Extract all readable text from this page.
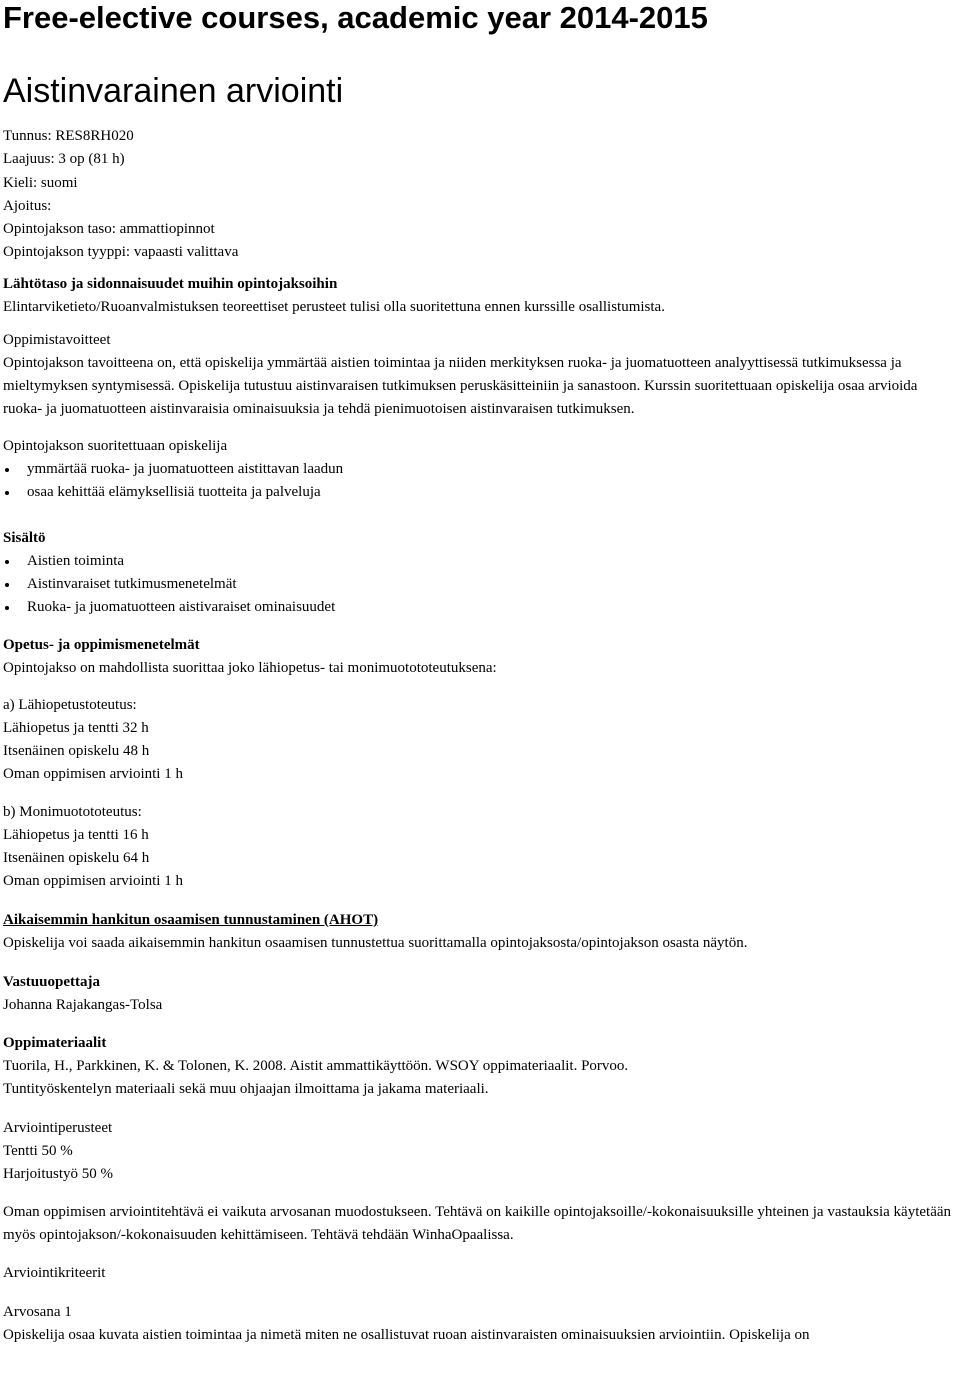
Free-elective courses, academic year 2014-2015
Aistinvarainen arviointi
Tunnus: RES8RH020
Laajuus: 3 op (81 h)
Kieli: suomi
Ajoitus:
Opintojakson taso: ammattiopinnot
Opintojakson tyyppi: vapaasti valittava

Lähtötaso ja sidonnaisuudet muihin opintojaksoihin

Elintarviketieto/Ruoanvalmistuksen teoreettiset perusteet tulisi olla suoritettuna ennen kurssille osallistumista.

Oppimistavoitteet

Opintojakson tavoitteena on, että opiskelija ymmärtää aistien toimintaa ja niiden merkityksen ruoka- ja juomatuotteen analyyttisessä tutkimuksessa ja mieltymyksen syntymisessä. Opiskelija tutustuu aistinvaraisen tutkimuksen peruskäsitteiniin ja sanastoon. Kurssin suoritettuaan opiskelija osaa arvioida ruoka- ja juomatuotteen aistinvaraisia ominaisuuksia ja tehdä pienimuotoisen aistinvaraisen tutkimuksen.

Opintojakson suoritettuaan opiskelija

ymmärtää ruoka- ja juomatuotteen aistittavan laadun
osaa kehittää elämyksellisiä tuotteita ja palveluja

Sisältö

Aistien toiminta
Aistinvaraiset tutkimusmenetelmät
Ruoka- ja juomatuotteen aistivaraiset ominaisuudet

Opetus- ja oppimismenetelmät

Opintojakso on mahdollista suorittaa joko lähiopetus- tai monimuotototeutuksena:

a) Lähiopetustoteutus:

Lähiopetus ja tentti 32 h

Itsenäinen opiskelu 48 h

Oman oppimisen arviointi 1 h

b) Monimuotototeutus:

Lähiopetus ja tentti 16 h

Itsenäinen opiskelu 64 h

Oman oppimisen arviointi 1 h

Aikaisemmin hankitun osaamisen tunnustaminen (AHOT)

Opiskelija voi saada aikaisemmin hankitun osaamisen tunnustettua suorittamalla opintojaksosta/opintojakson osasta näytön.

Vastuuopettaja

Johanna Rajakangas-Tolsa

Oppimateriaalit

Tuorila, H., Parkkinen, K. & Tolonen, K. 2008. Aistit ammattikäyttöön. WSOY oppimateriaalit. Porvoo.

Tuntityöskentelyn materiaali sekä muu ohjaajan ilmoittama ja jakama materiaali.

Arviointiperusteet

Tentti 50 %

Harjoitustyö 50 %

Oman oppimisen arviointitehtävä ei vaikuta arvosanan muodostukseen. Tehtävä on kaikille opintojaksoille/-kokonaisuuksille yhteinen ja vastauksia käytetään myös opintojakson/-kokonaisuuden kehittämiseen. Tehtävä tehdään WinhaOpaalissa.

Arviointikriteerit

Arvosana 1

Opiskelija osaa kuvata aistien toimintaa ja nimetä miten ne osallistuvat ruoan aistinvaraisten ominaisuuksien arviointiin. Opiskelija on
